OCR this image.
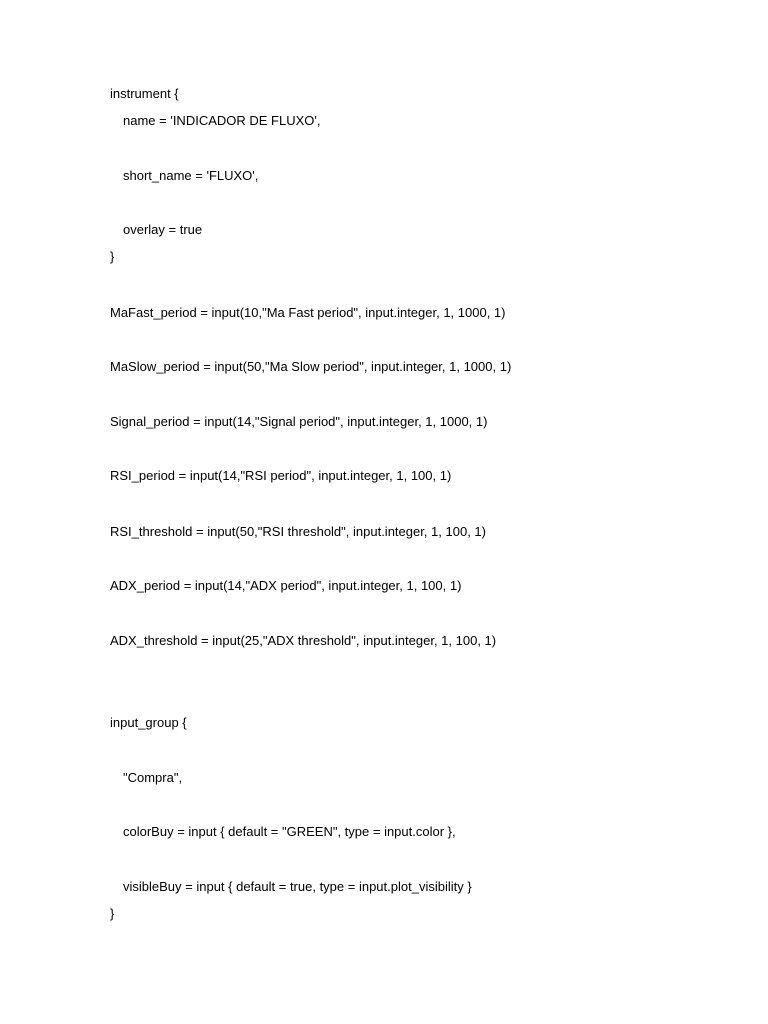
instrument {
name = 'INDICADOR DE FLUXO',
short_name = 'FLUXO',
overlay = true
}
MaFast_period = input(10,"Ma Fast period", input.integer, 1, 1000, 1)
MaSlow_period = input(50,"Ma Slow period", input.integer, 1, 1000, 1)
Signal_period = input(14,"Signal period", input.integer, 1, 1000, 1)
RSI_period = input(14,"RSI period", input.integer, 1, 100, 1)
RSI_threshold = input(50,"RSI threshold", input.integer, 1, 100, 1)
ADX_period = input(14,"ADX period", input.integer, 1, 100, 1)
ADX_threshold = input(25,"ADX threshold", input.integer, 1, 100, 1)
input_group {
"Compra",
colorBuy = input { default = "GREEN", type = input.color },
visibleBuy = input { default = true, type = input.plot_visibility }
}
